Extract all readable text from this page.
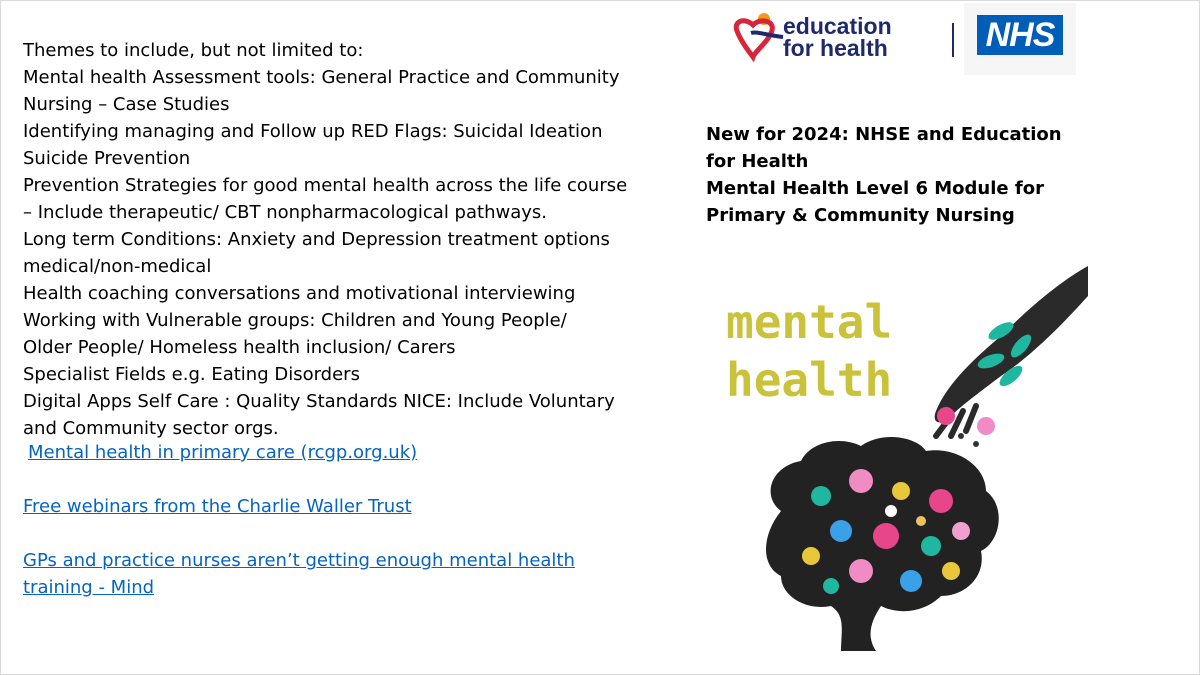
Themes to include, but not limited to:
Mental health Assessment tools: General Practice and Community
Nursing – Case Studies
Identifying managing and Follow up RED Flags: Suicidal Ideation
Suicide Prevention
Prevention Strategies for good mental health across the life course
– Include therapeutic/ CBT nonpharmacological pathways.
Long term Conditions: Anxiety and Depression treatment options
medical/non-medical
Health coaching conversations and motivational interviewing
Working with Vulnerable groups: Children and Young People/
Older People/ Homeless health inclusion/ Carers
Specialist Fields e.g. Eating Disorders
Digital Apps Self Care : Quality Standards NICE: Include Voluntary
and Community sector orgs.
Mental health in primary care (rcgp.org.uk)
Free webinars from the Charlie Waller Trust
GPs and practice nurses aren’t getting enough mental health
training - Mind
education
for health	NHS
New for 2024: NHSE and Education
for Health
Mental Health Level 6 Module for
Primary & Community Nursing
mental
health
